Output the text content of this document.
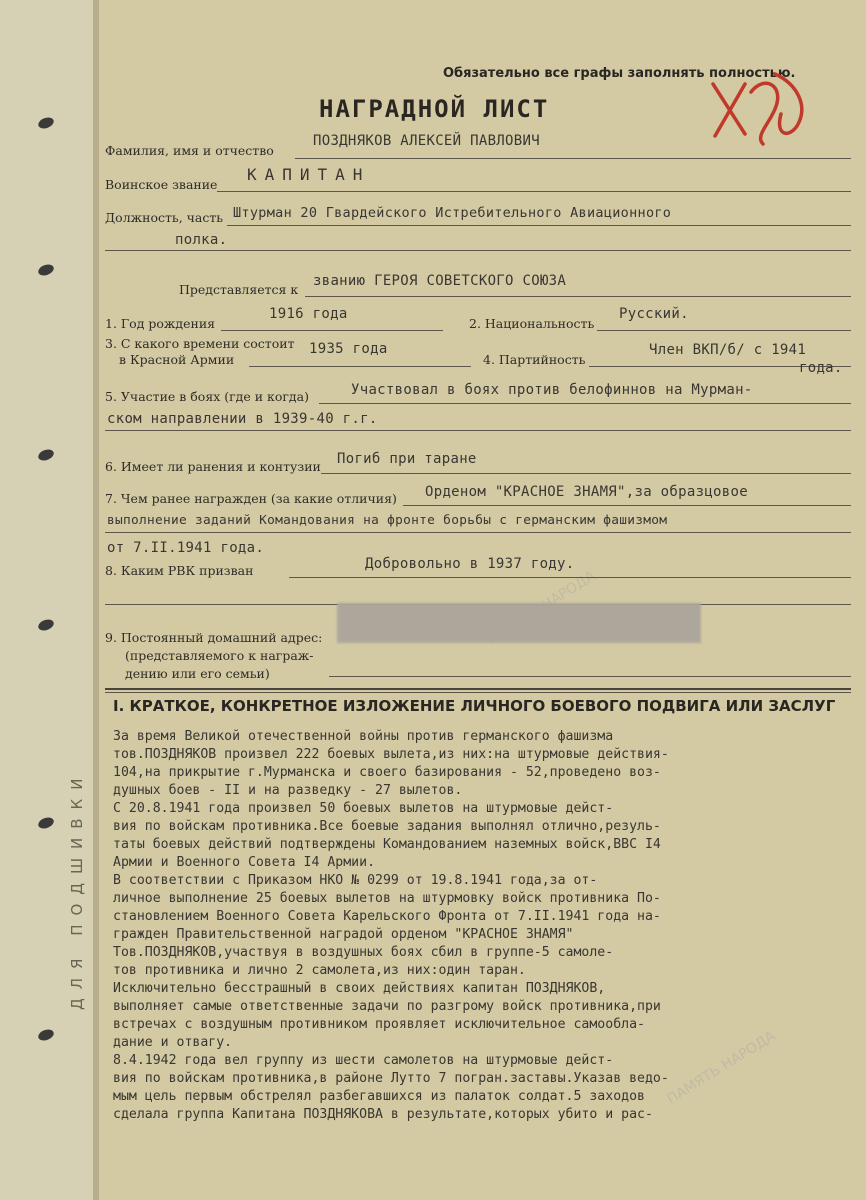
ДЛЯ ПОДШИВКИ
ПАМЯТЬ НАРОДА
Обязательно все графы заполнять полностью.
НАГРАДНОЙ ЛИСТ
Фамилия, имя и отчество
ПОЗДНЯКОВ АЛЕКСЕЙ ПАВЛОВИЧ
Воинское звание
КАПИТАН
Должность, часть Штурман 20 Гвардейского Истребительного Авиационного
полка.
Представляется к
званию ГЕРОЯ СОВЕТСКОГО СОЮЗА
1. Год рождения
1916 года
2. Национальность
Русский.
3. С какого времени состоит
в Красной Армии
1935 года
4. Партийность
Член ВКП/б/ с 1941
года.
5. Участие в боях (где и когда)	Участвовал в боях против белофиннов на Мурман-
ском направлении в 1939-40 г.г.
6. Имеет ли ранения и контузии Погиб при таране
7. Чем ранее награжден (за какие отличия) Орденом "КРАСНОЕ ЗНАМЯ",за образцовое
выполнение заданий Командования на фронте борьбы с германским фашизмом
от 7.II.1941 года.
8. Каким РВК призван	Добровольно в 1937 году.
9. Постоянный домашний адрес:
(представляемого к награж-
дению или его семьи)
I. КРАТКОЕ, КОНКРЕТНОЕ ИЗЛОЖЕНИЕ ЛИЧНОГО БОЕВОГО ПОДВИГА ИЛИ ЗАСЛУГ
За время Великой отечественной войны против германского фашизма
тов.ПОЗДНЯКОВ произвел 222 боевых вылета,из них:на штурмовые действия-
104,на прикрытие г.Мурманска и своего базирования - 52,проведено воз-
душных боев - II и на разведку - 27 вылетов.
С 20.8.1941 года произвел 50 боевых вылетов на штурмовые дейст-
вия по войскам противника.Все боевые задания выполнял отлично,резуль-
таты боевых действий подтверждены Командованием наземных войск,ВВС I4
Армии и Военного Совета I4 Армии.
В соответствии с Приказом НКО № 0299 от 19.8.1941 года,за от-
личное выполнение 25 боевых вылетов на штурмовку войск противника По-
становлением Военного Совета Карельского Фронта от 7.II.1941 года на-
гражден Правительственной наградой орденом "КРАСНОЕ ЗНАМЯ"
Тов.ПОЗДНЯКОВ,участвуя в воздушных боях сбил в группе-5 самоле-
тов противника и лично 2 самолета,из них:один таран.
Исключительно бесстрашный в своих действиях капитан ПОЗДНЯКОВ,
выполняет самые ответственные задачи по разгрому войск противника,при
встречах с воздушным противником проявляет исключительное самообла-
дание и отвагу.
8.4.1942 года вел группу из шести самолетов на штурмовые дейст-
вия по войскам противника,в районе Лутто 7 погран.заставы.Указав ведо-
мым цель первым обстрелял разбегавшихся из палаток солдат.5 заходов
сделала группа Капитана ПОЗДНЯКОВА в результате,которых убито и рас-
